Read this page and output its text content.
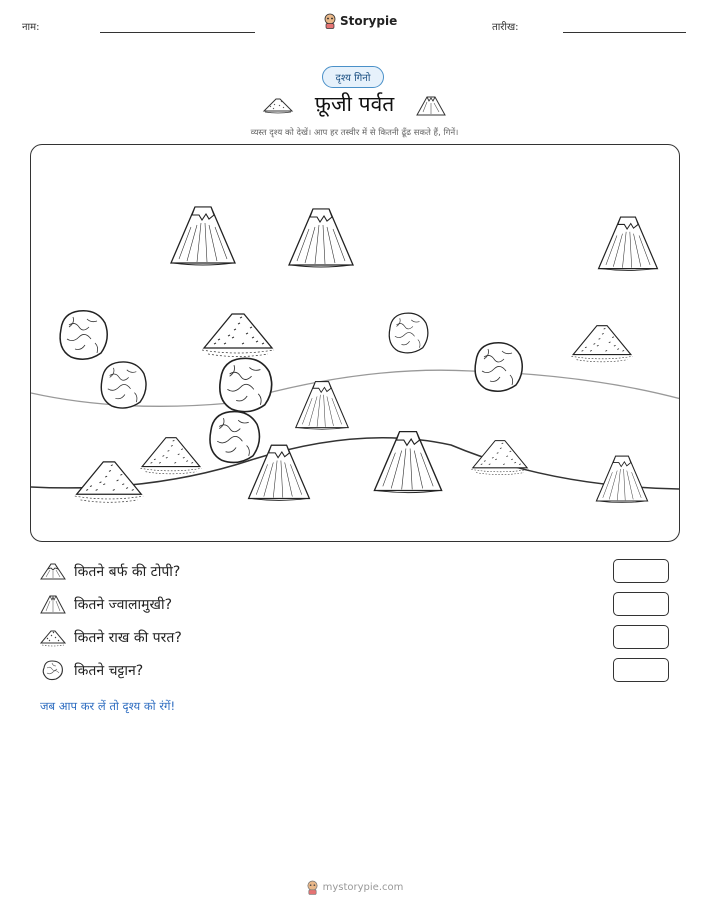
नाम:	Storypie	तारीख:
दृश्य गिनो
फ़ूजी पर्वत
व्यस्त दृश्य को देखें। आप हर तस्वीर में से कितनी ढूँढ सकते हैं, गिनें।
कितने बर्फ की टोपी?
कितने ज्वालामुखी?
कितने राख की परत?
कितने चट्टान?
जब आप कर लें तो दृश्य को रंगें!
mystorypie.com
